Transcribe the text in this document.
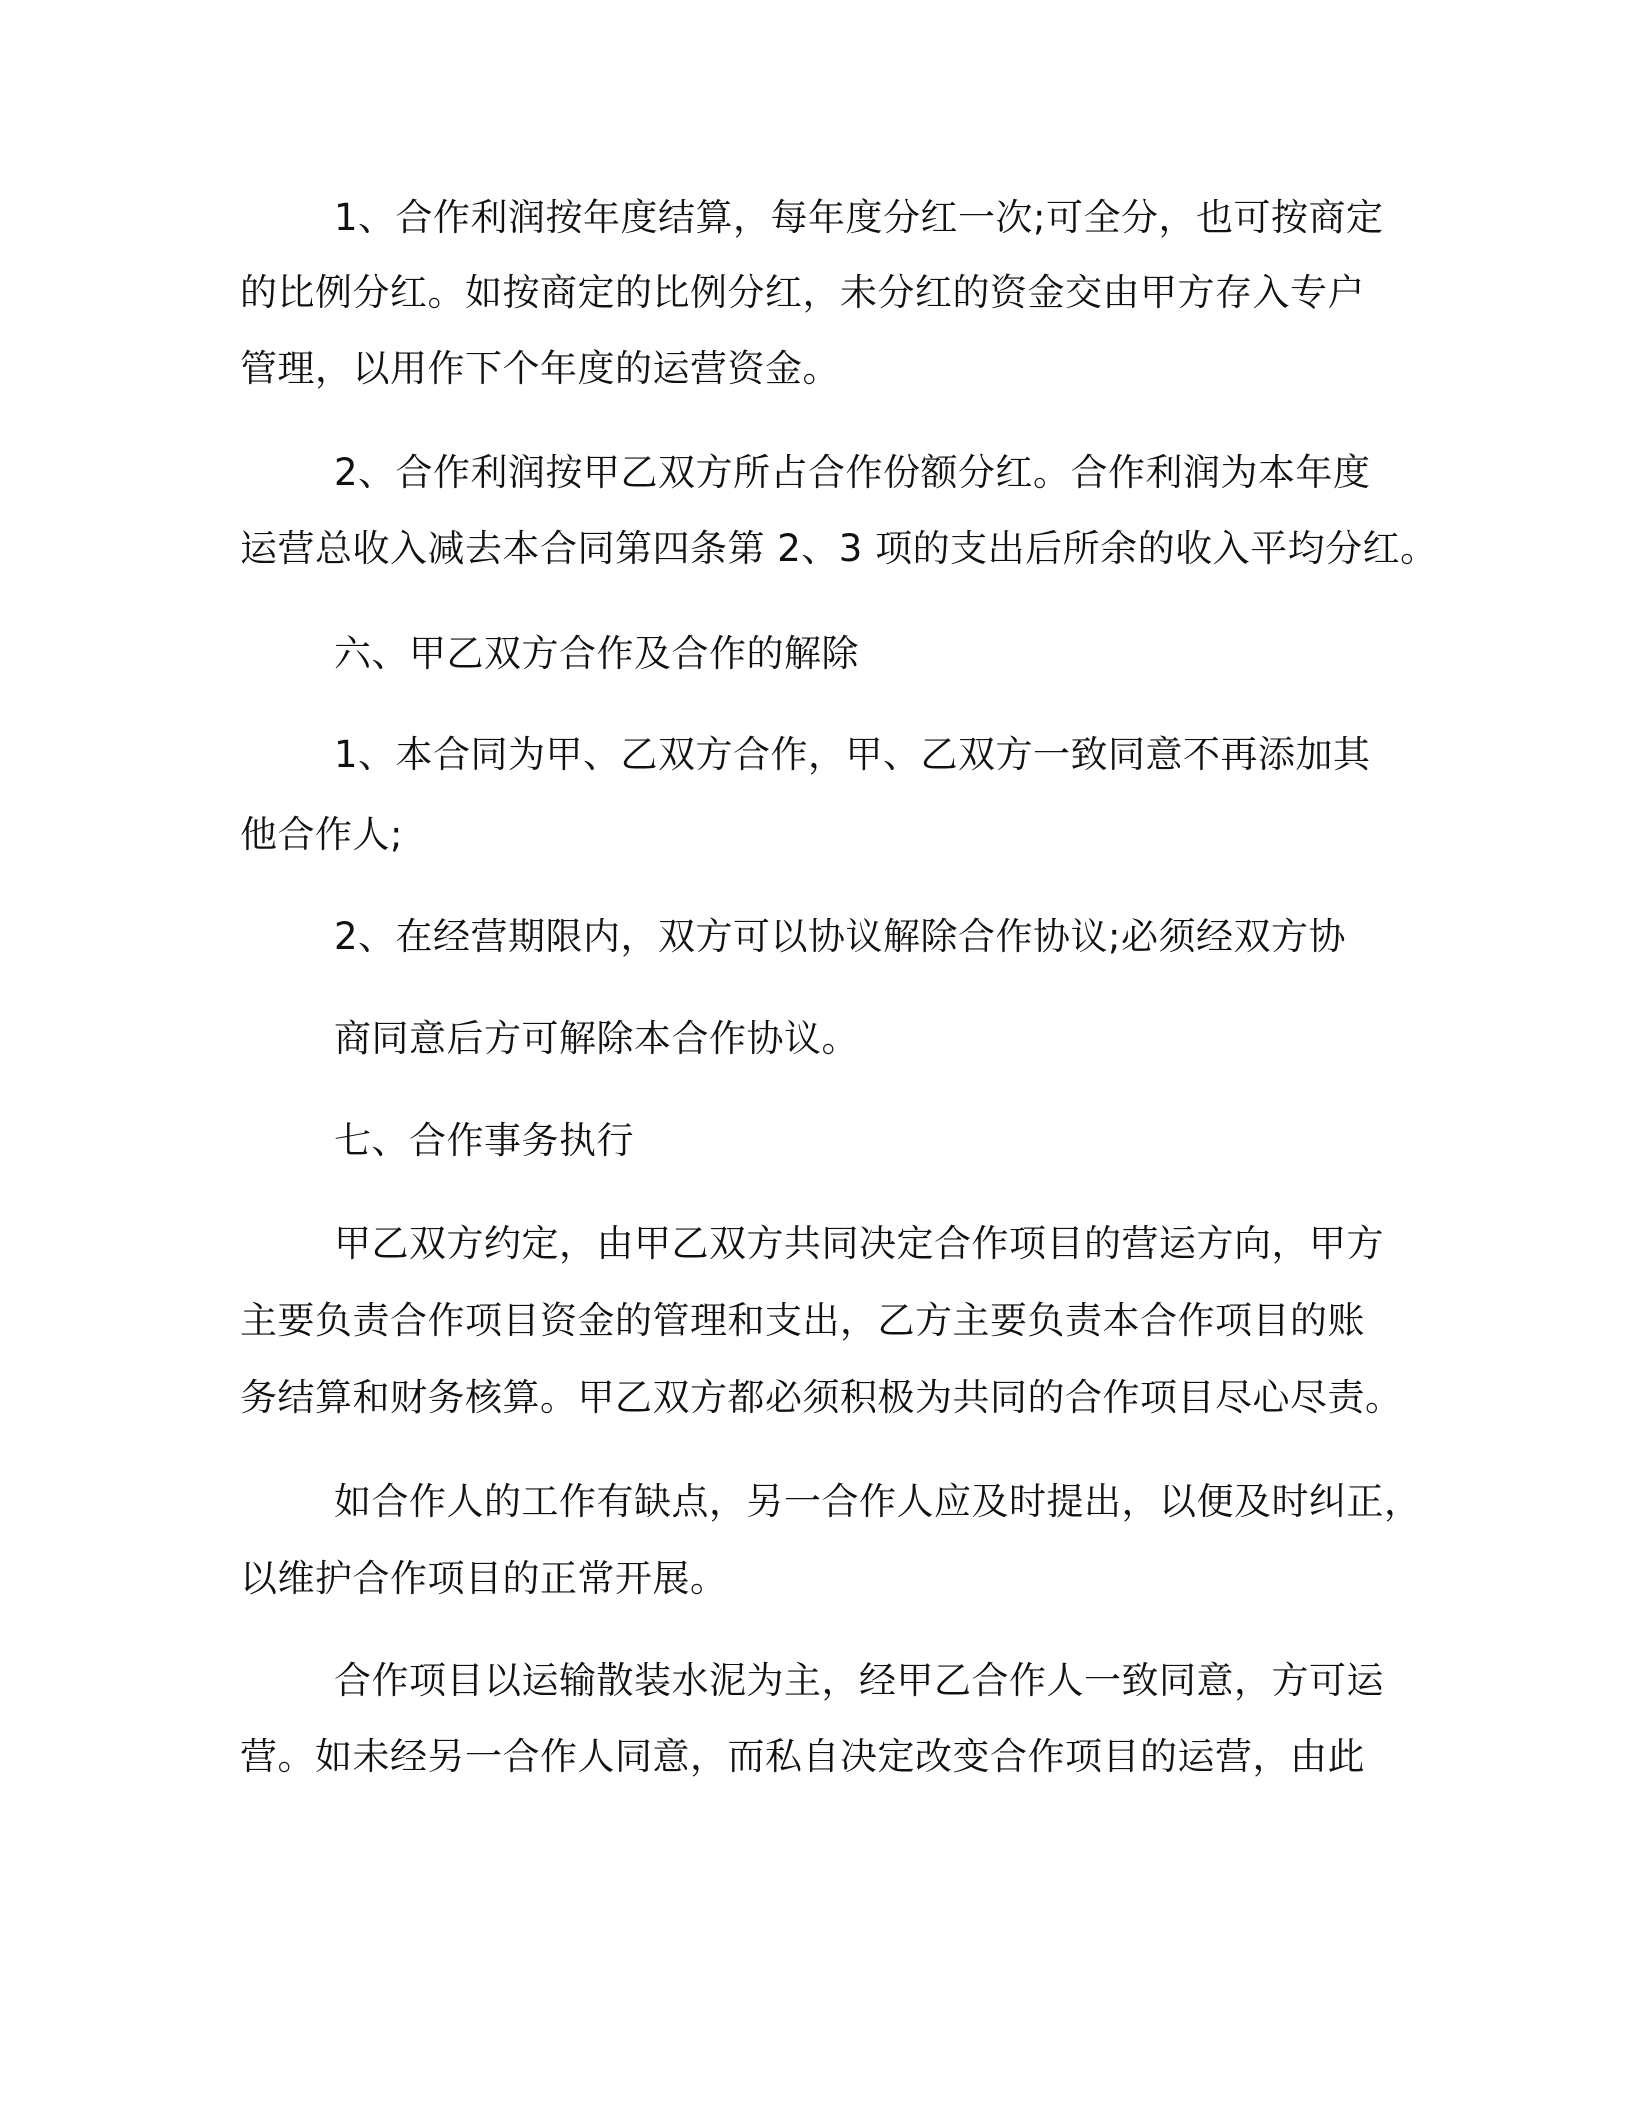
1、合作利润按年度结算，每年度分红一次;可全分，也可按商定

的比例分红。如按商定的比例分红，未分红的资金交由甲方存入专户

管理，以用作下个年度的运营资金。

2、合作利润按甲乙双方所占合作份额分红。合作利润为本年度

运营总收入减去本合同第四条第 2、3 项的支出后所余的收入平均分红。

六、甲乙双方合作及合作的解除

1、本合同为甲、乙双方合作，甲、乙双方一致同意不再添加其

他合作人;

2、在经营期限内，双方可以协议解除合作协议;必须经双方协

商同意后方可解除本合作协议。

七、合作事务执行

甲乙双方约定，由甲乙双方共同决定合作项目的营运方向，甲方

主要负责合作项目资金的管理和支出，乙方主要负责本合作项目的账

务结算和财务核算。甲乙双方都必须积极为共同的合作项目尽心尽责。

如合作人的工作有缺点，另一合作人应及时提出，以便及时纠正，

以维护合作项目的正常开展。

合作项目以运输散装水泥为主，经甲乙合作人一致同意，方可运

营。如未经另一合作人同意，而私自决定改变合作项目的运营，由此
